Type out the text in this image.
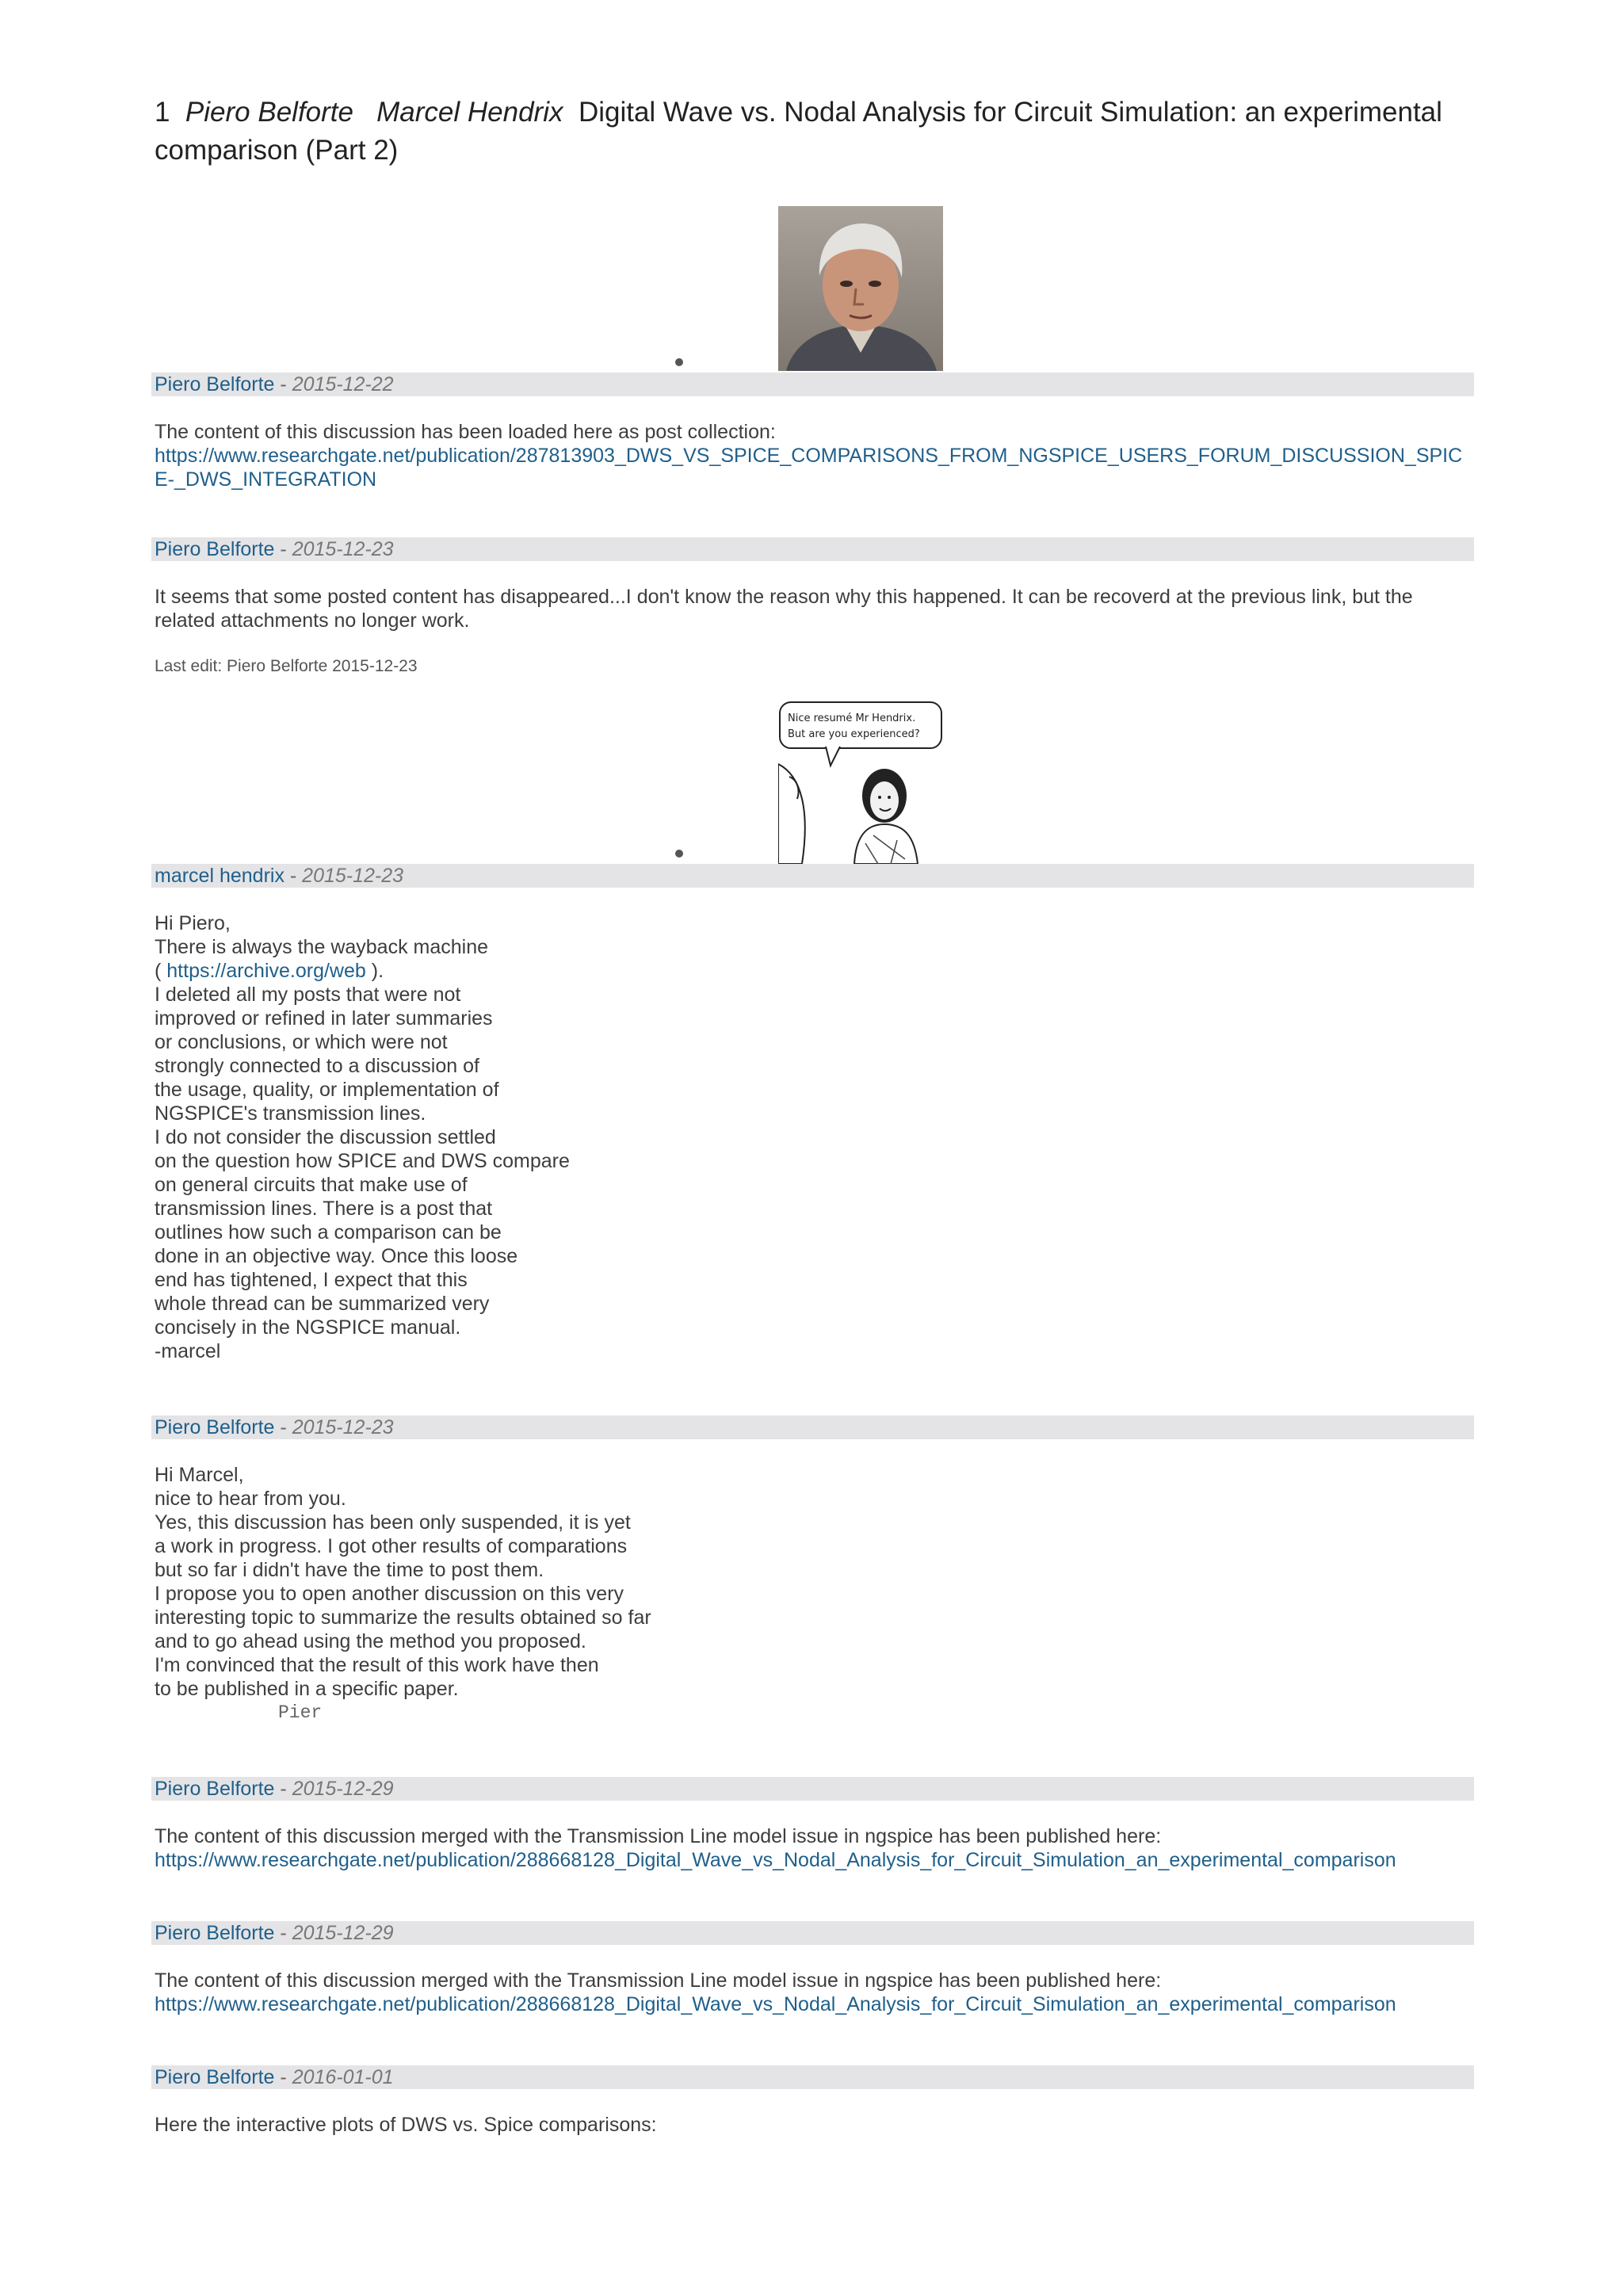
1 Piero Belforte   Marcel Hendrix Digital Wave vs. Nodal Analysis for Circuit Simulation: an experimental comparison (Part 2)
Piero Belforte - 2015-12-22

The content of this discussion has been loaded here as post collection:

https://www.researchgate.net/publication/287813903_DWS_VS_SPICE_COMPARISONS_FROM_NGSPICE_USERS_FORUM_DISCUSSION_SPICE-_DWS_INTEGRATION

Piero Belforte - 2015-12-23

It seems that some posted content has disappeared...I don't know the reason why this happened. It can be recoverd at the previous link, but the related attachments no longer work.

Last edit: Piero Belforte 2015-12-23
Nice resumé Mr Hendrix.
But are you experienced?
marcel hendrix - 2015-12-23

Hi Piero,

There is always the wayback machine

( https://archive.org/web ).

I deleted all my posts that were not

improved or refined in later summaries

or conclusions, or which were not

strongly connected to a discussion of

the usage, quality, or implementation of

NGSPICE's transmission lines.

I do not consider the discussion settled

on the question how SPICE and DWS compare

on general circuits that make use of

transmission lines. There is a post that

outlines how such a comparison can be

done in an objective way. Once this loose

end has tightened, I expect that this

whole thread can be summarized very

concisely in the NGSPICE manual.

-marcel

Piero Belforte - 2015-12-23

Hi Marcel,

nice to hear from you.

Yes, this discussion has been only suspended, it is yet

a work in progress. I got other results of comparations

but so far i didn't have the time to post them.

I propose you to open another discussion on this very

interesting topic to summarize the results obtained so far

and to go ahead using the method you proposed.

I'm convinced that the result of this work have then

to be published in a specific paper.

Pier

Piero Belforte - 2015-12-29

The content of this discussion merged with the Transmission Line model issue in ngspice has been published here:

https://www.researchgate.net/publication/288668128_Digital_Wave_vs_Nodal_Analysis_for_Circuit_Simulation_an_experimental_comparison

Piero Belforte - 2015-12-29

The content of this discussion merged with the Transmission Line model issue in ngspice has been published here:

https://www.researchgate.net/publication/288668128_Digital_Wave_vs_Nodal_Analysis_for_Circuit_Simulation_an_experimental_comparison

Piero Belforte - 2016-01-01

Here the interactive plots of DWS vs. Spice comparisons:
